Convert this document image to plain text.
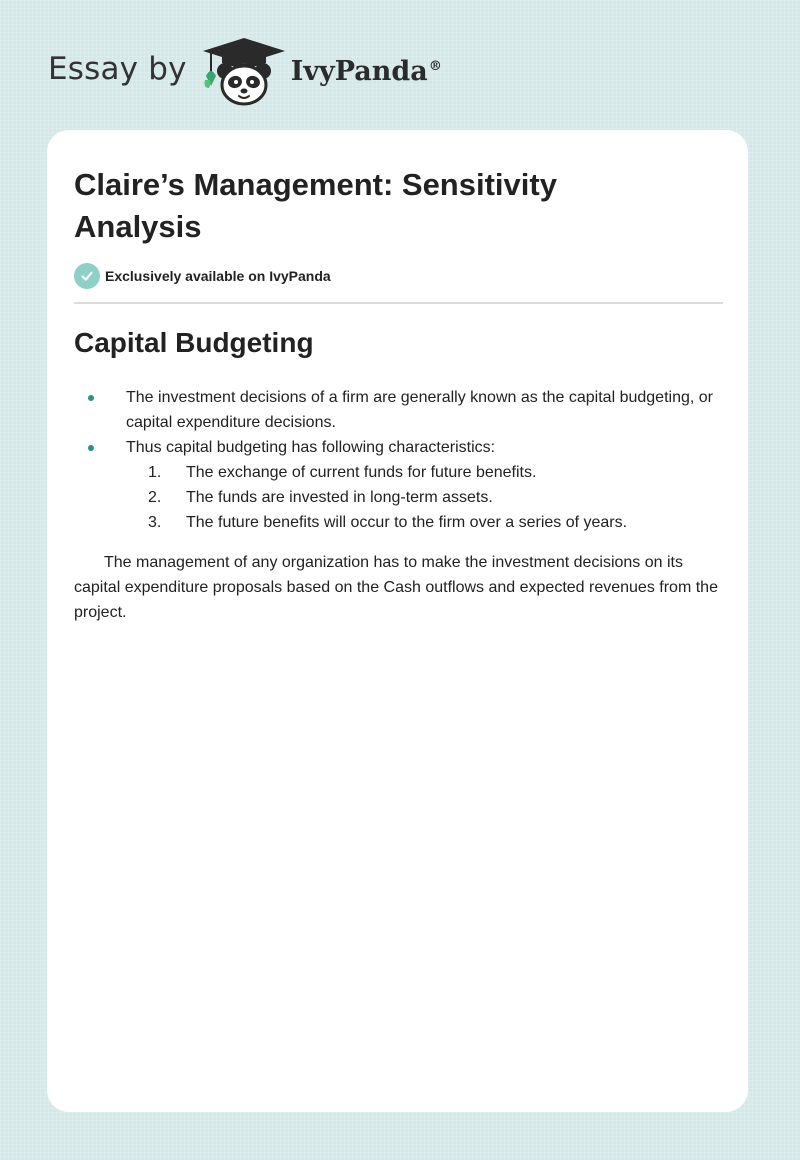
Essay by	IvyPanda®
Claire’s Management: Sensitivity Analysis
Exclusively available on IvyPanda
Capital Budgeting
The investment decisions of a firm are generally known as the capital budgeting, or capital expenditure decisions.
Thus capital budgeting has following characteristics:
1. The exchange of current funds for future benefits.
2. The funds are invested in long-term assets.
3. The future benefits will occur to the firm over a series of years.

The management of any organization has to make the investment decisions on its capital expenditure proposals based on the Cash outflows and expected revenues from the project.
